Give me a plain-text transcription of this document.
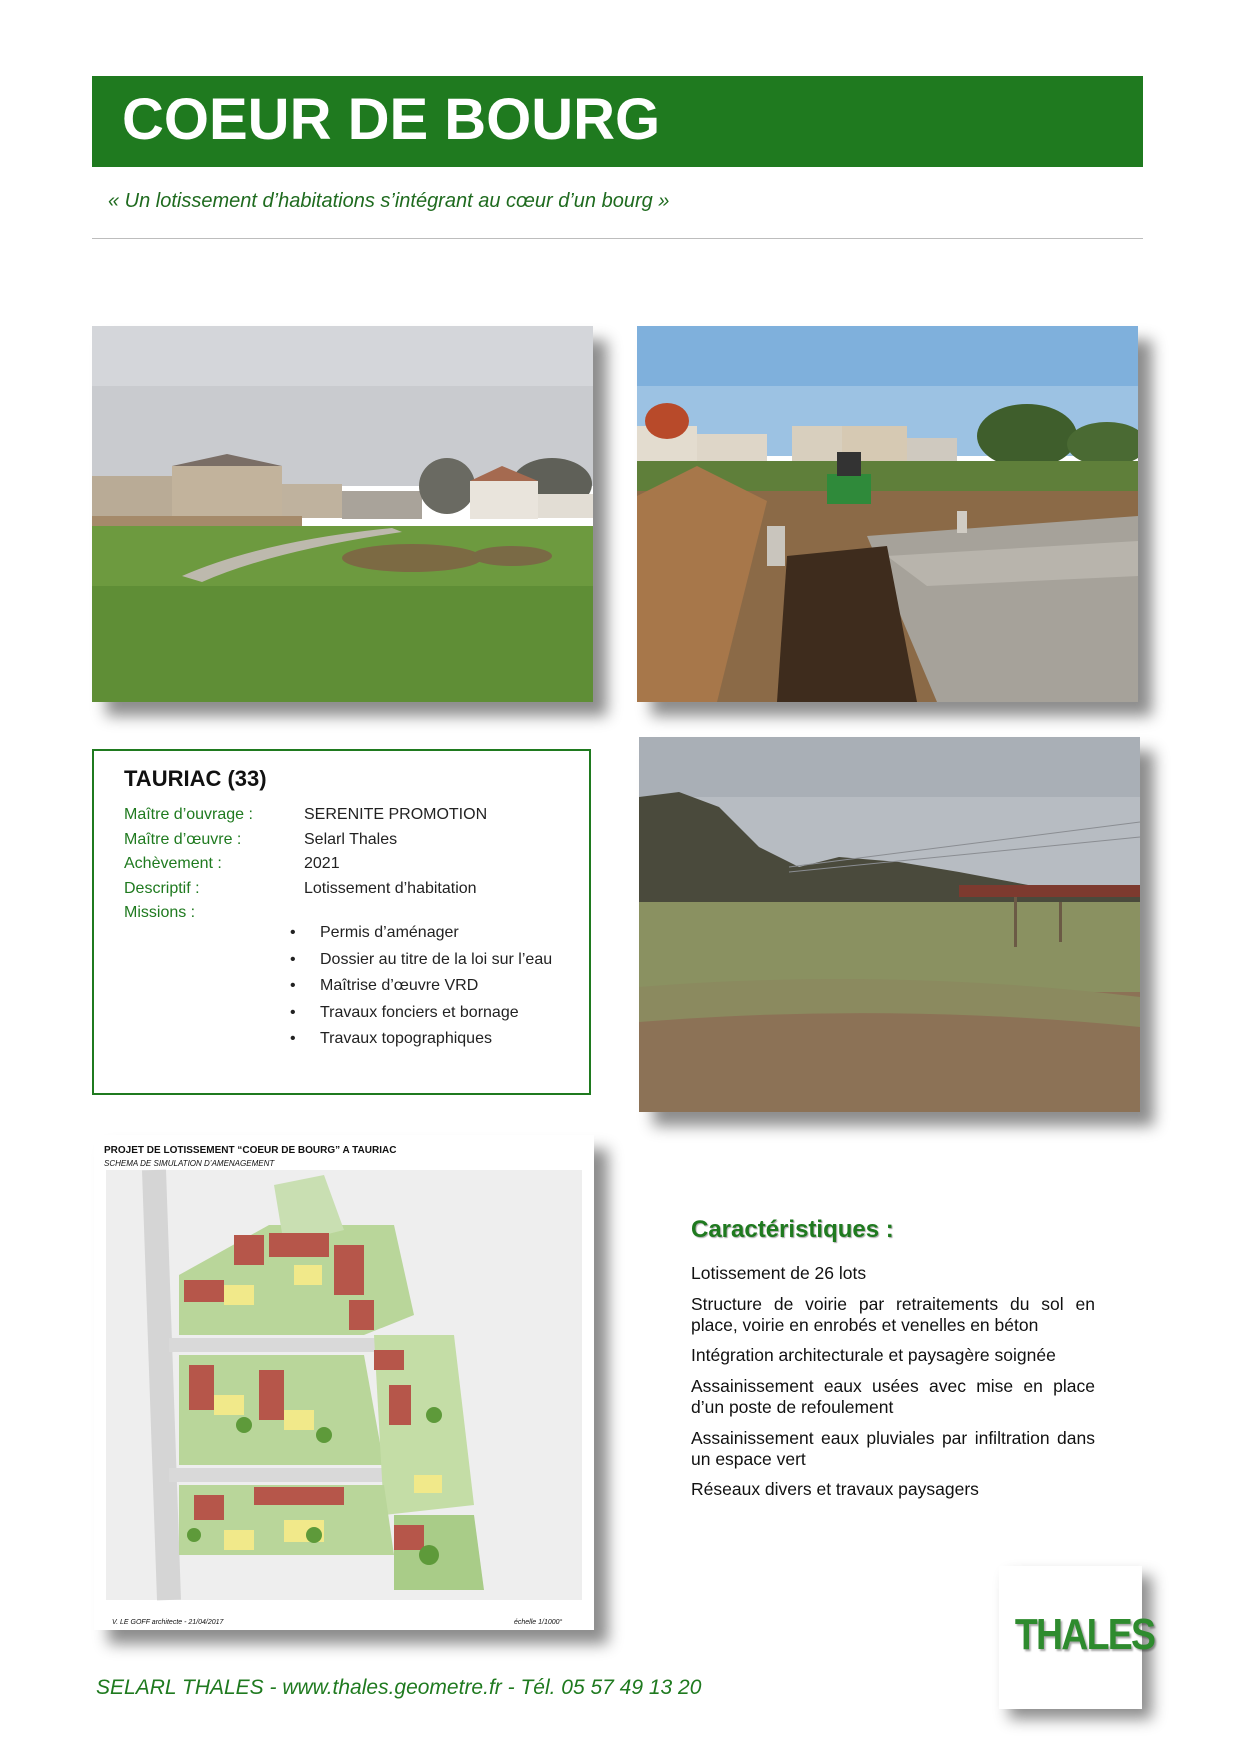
COEUR DE BOURG
« Un lotissement d’habitations s’intégrant au cœur d’un bourg »
TAURIAC (33)
Maître d’ouvrage :	SERENITE PROMOTION
Maître d’œuvre :	Selarl Thales
Achèvement :	2021
Descriptif :	Lotissement d’habitation
Missions :
• Permis d’aménager
• Dossier au titre de la loi sur l’eau
• Maîtrise d’œuvre VRD
• Travaux fonciers et bornage
• Travaux topographiques
PROJET DE LOTISSEMENT “COEUR DE BOURG” A TAURIAC
SCHEMA DE SIMULATION D’AMENAGEMENT
V. LE GOFF architecte - 21/04/2017	échelle 1/1000°
Caractéristiques :
Lotissement de 26 lots
Structure de voirie par retraitements du sol en place, voirie en enrobés et venelles en béton
Intégration architecturale et paysagère soignée
Assainissement eaux usées avec mise en place d’un poste de refoulement
Assainissement eaux pluviales par infiltration dans un espace vert
Réseaux divers et travaux paysagers
SELARL THALES - www.thales.geometre.fr - Tél. 05 57 49 13 20
THALES
